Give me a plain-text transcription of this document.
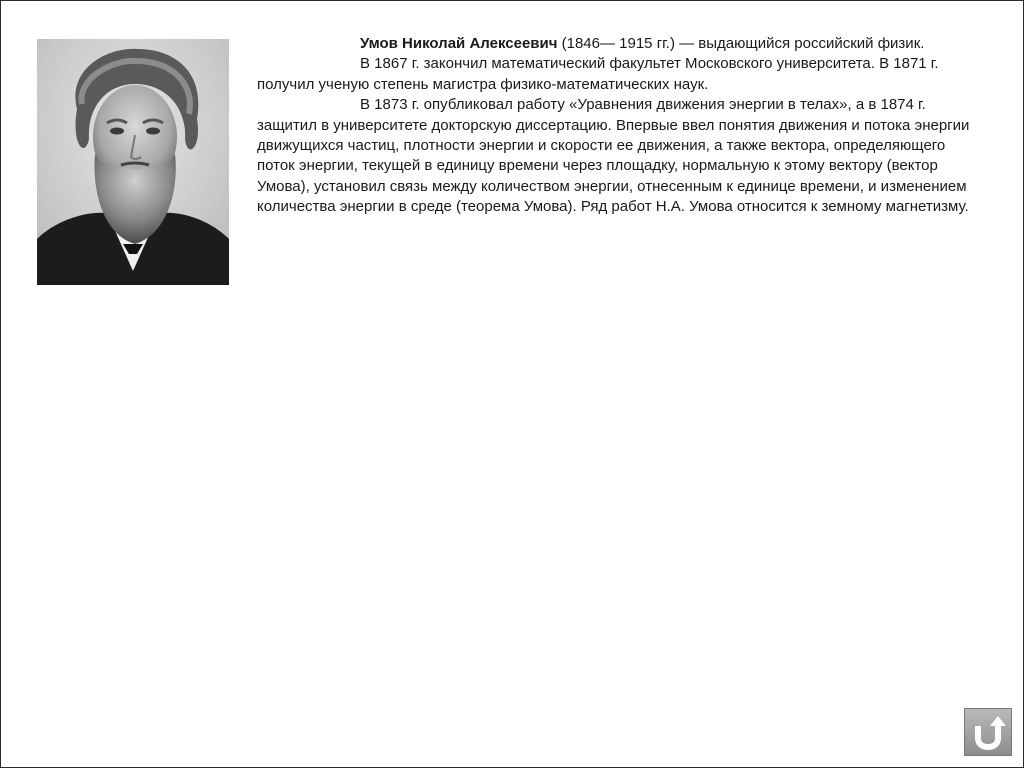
Умов Николай Алексеевич (1846— 1915 гг.) — выдающийся российский физик.

В 1867 г. закончил математический факультет Московского университета. В 1871 г. получил ученую степень магистра физико-математических наук.

В 1873 г. опубликовал работу «Уравнения движения энергии в телах», а в 1874 г. защитил в университете докторскую диссертацию. Впервые ввел понятия движения и потока энергии движущихся частиц, плотности энергии и скорости ее движения, а также вектора, определяющего поток энергии, текущей в единицу времени через площадку, нормальную к этому вектору (вектор Умова), установил связь между количеством энергии, отнесенным к единице времени, и изменением количества энергии в среде (теорема Умова). Ряд работ Н.А. Умова относится к земному магнетизму.
